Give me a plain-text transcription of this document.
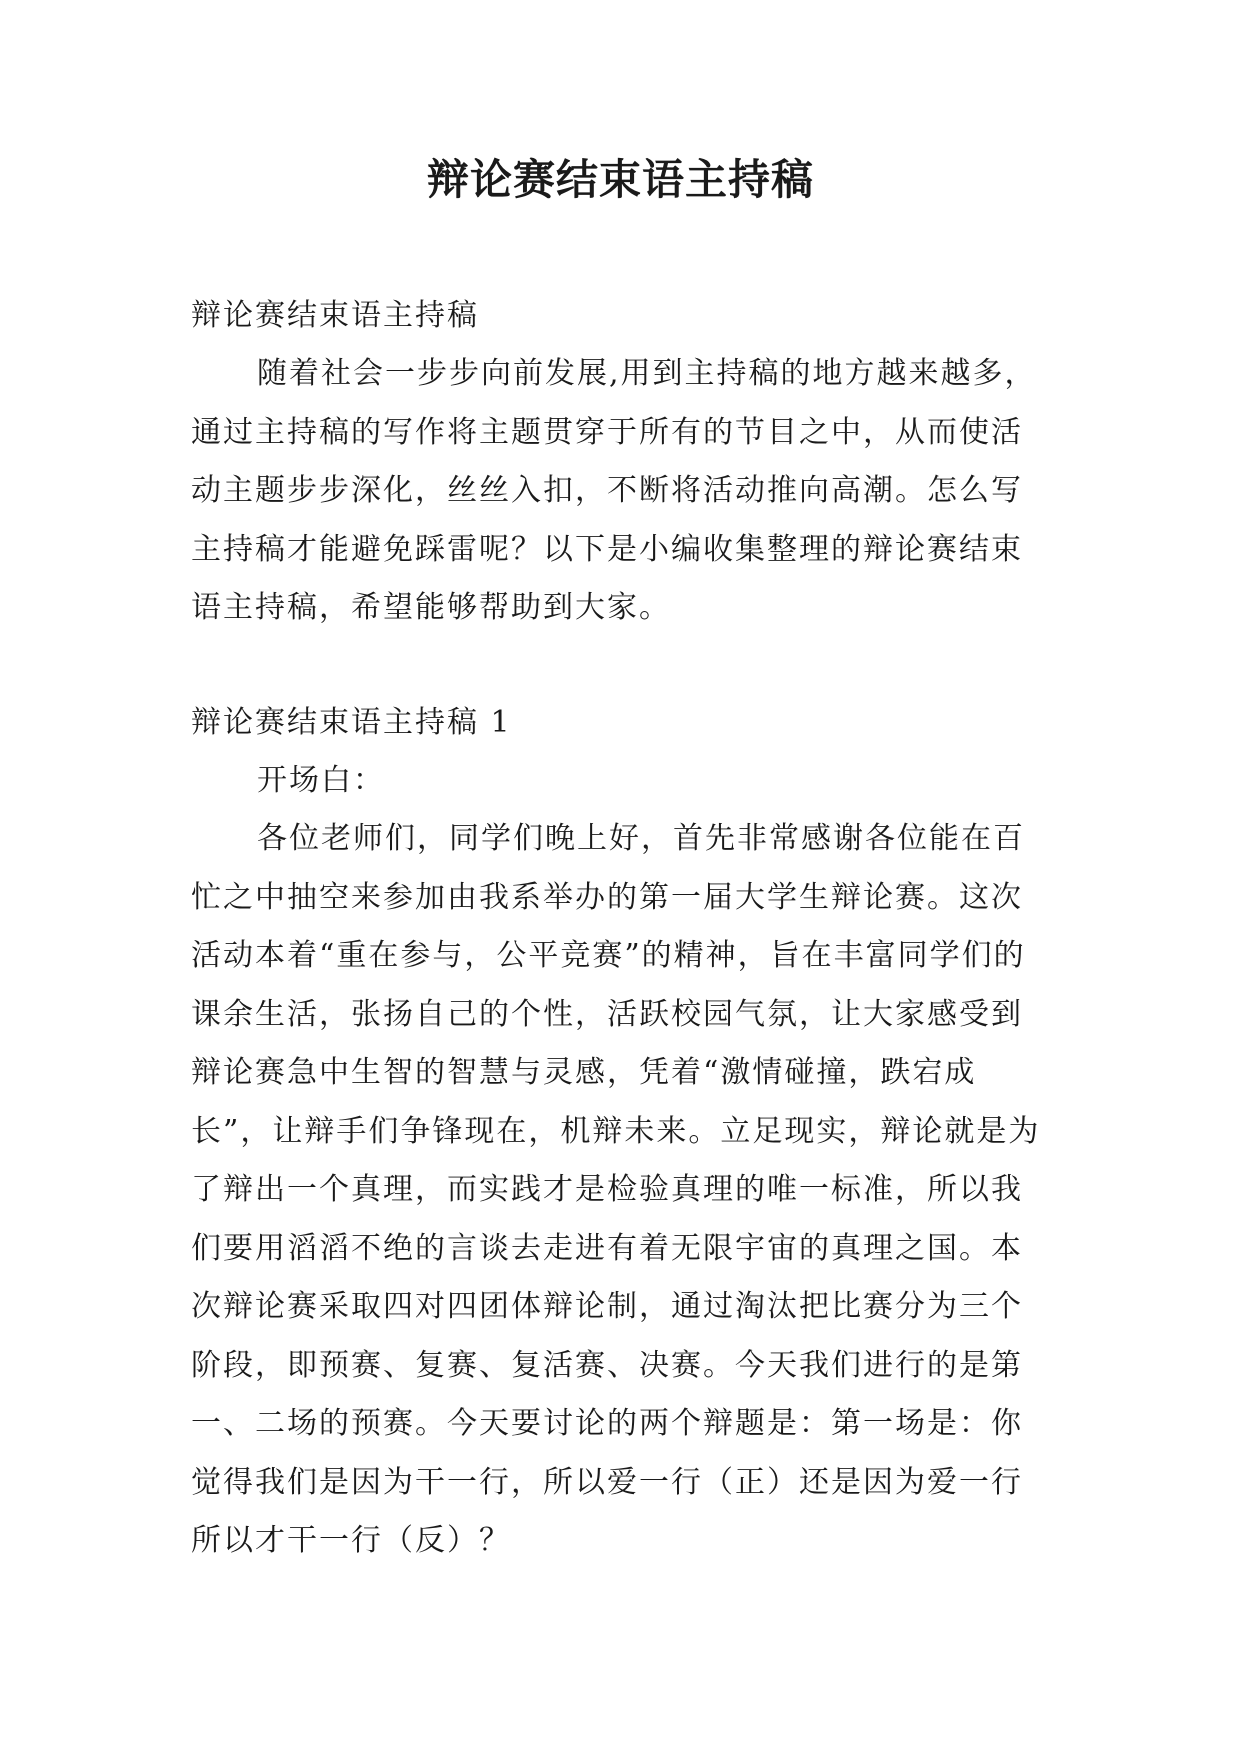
辩论赛结束语主持稿

辩论赛结束语主持稿

随着社会一步步向前发展,用到主持稿的地方越来越多，通过主持稿的写作将主题贯穿于所有的节目之中，从而使活动主题步步深化，丝丝入扣，不断将活动推向高潮。怎么写主持稿才能避免踩雷呢？以下是小编收集整理的辩论赛结束语主持稿，希望能够帮助到大家。

辩论赛结束语主持稿 1

开场白：

各位老师们，同学们晚上好，首先非常感谢各位能在百忙之中抽空来参加由我系举办的第一届大学生辩论赛。这次活动本着“重在参与，公平竞赛”的精神，旨在丰富同学们的课余生活，张扬自己的个性，活跃校园气氛，让大家感受到辩论赛急中生智的智慧与灵感，凭着“激情碰撞，跌宕成长”，让辩手们争锋现在，机辩未来。立足现实，辩论就是为了辩出一个真理，而实践才是检验真理的唯一标准，所以我们要用滔滔不绝的言谈去走进有着无限宇宙的真理之国。本次辩论赛采取四对四团体辩论制，通过淘汰把比赛分为三个阶段，即预赛、复赛、复活赛、决赛。今天我们进行的是第一、二场的预赛。今天要讨论的两个辩题是：第一场是：你觉得我们是因为干一行，所以爱一行（正）还是因为爱一行所以才干一行（反）？
